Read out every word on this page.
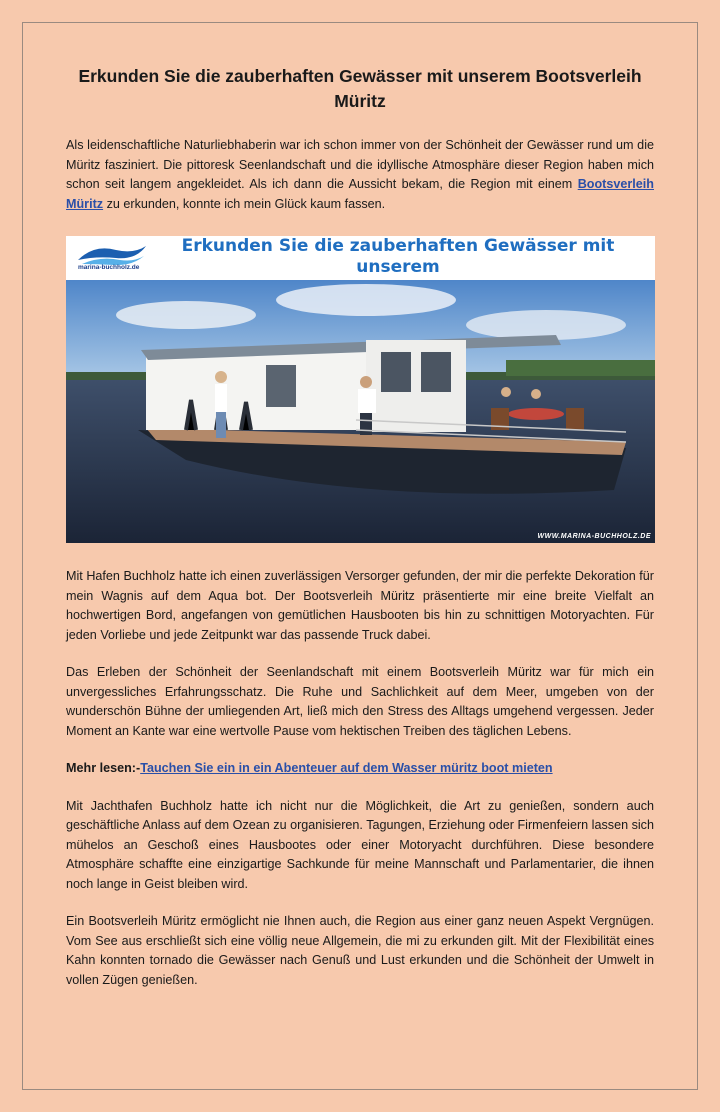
Erkunden Sie die zauberhaften Gewässer mit unserem Bootsverleih Müritz

Als leidenschaftliche Naturliebhaberin war ich schon immer von der Schönheit der Gewässer rund um die Müritz fasziniert. Die pittoresk Seenlandschaft und die idyllische Atmosphäre dieser Region haben mich schon seit langem angekleidet. Als ich dann die Aussicht bekam, die Region mit einem Bootsverleih Müritz zu erkunden, konnte ich mein Glück kaum fassen.

marina-buchholz.de
Erkunden Sie die zauberhaften Gewässer mit unserem
WWW.MARINA-BUCHHOLZ.DE

Mit Hafen Buchholz hatte ich einen zuverlässigen Versorger gefunden, der mir die perfekte Dekoration für mein Wagnis auf dem Aqua bot. Der Bootsverleih Müritz präsentierte mir eine breite Vielfalt an hochwertigen Bord, angefangen von gemütlichen Hausbooten bis hin zu schnittigen Motoryachten. Für jeden Vorliebe und jede Zeitpunkt war das passende Truck dabei.

Das Erleben der Schönheit der Seenlandschaft mit einem Bootsverleih Müritz war für mich ein unvergessliches Erfahrungsschatz. Die Ruhe und Sachlichkeit auf dem Meer, umgeben von der wunderschön Bühne der umliegenden Art, ließ mich den Stress des Alltags umgehend vergessen. Jeder Moment an Kante war eine wertvolle Pause vom hektischen Treiben des täglichen Lebens.

Mehr lesen:-Tauchen Sie ein in ein Abenteuer auf dem Wasser müritz boot mieten

Mit Jachthafen Buchholz hatte ich nicht nur die Möglichkeit, die Art zu genießen, sondern auch geschäftliche Anlass auf dem Ozean zu organisieren. Tagungen, Erziehung oder Firmenfeiern lassen sich mühelos an Geschoß eines Hausbootes oder einer Motoryacht durchführen. Diese besondere Atmosphäre schaffte eine einzigartige Sachkunde für meine Mannschaft und Parlamentarier, die ihnen noch lange in Geist bleiben wird.

Ein Bootsverleih Müritz ermöglicht nie Ihnen auch, die Region aus einer ganz neuen Aspekt Vergnügen. Vom See aus erschließt sich eine völlig neue Allgemein, die mi zu erkunden gilt. Mit der Flexibilität eines Kahn konnten tornado die Gewässer nach Genuß und Lust erkunden und die Schönheit der Umwelt in vollen Zügen genießen.
